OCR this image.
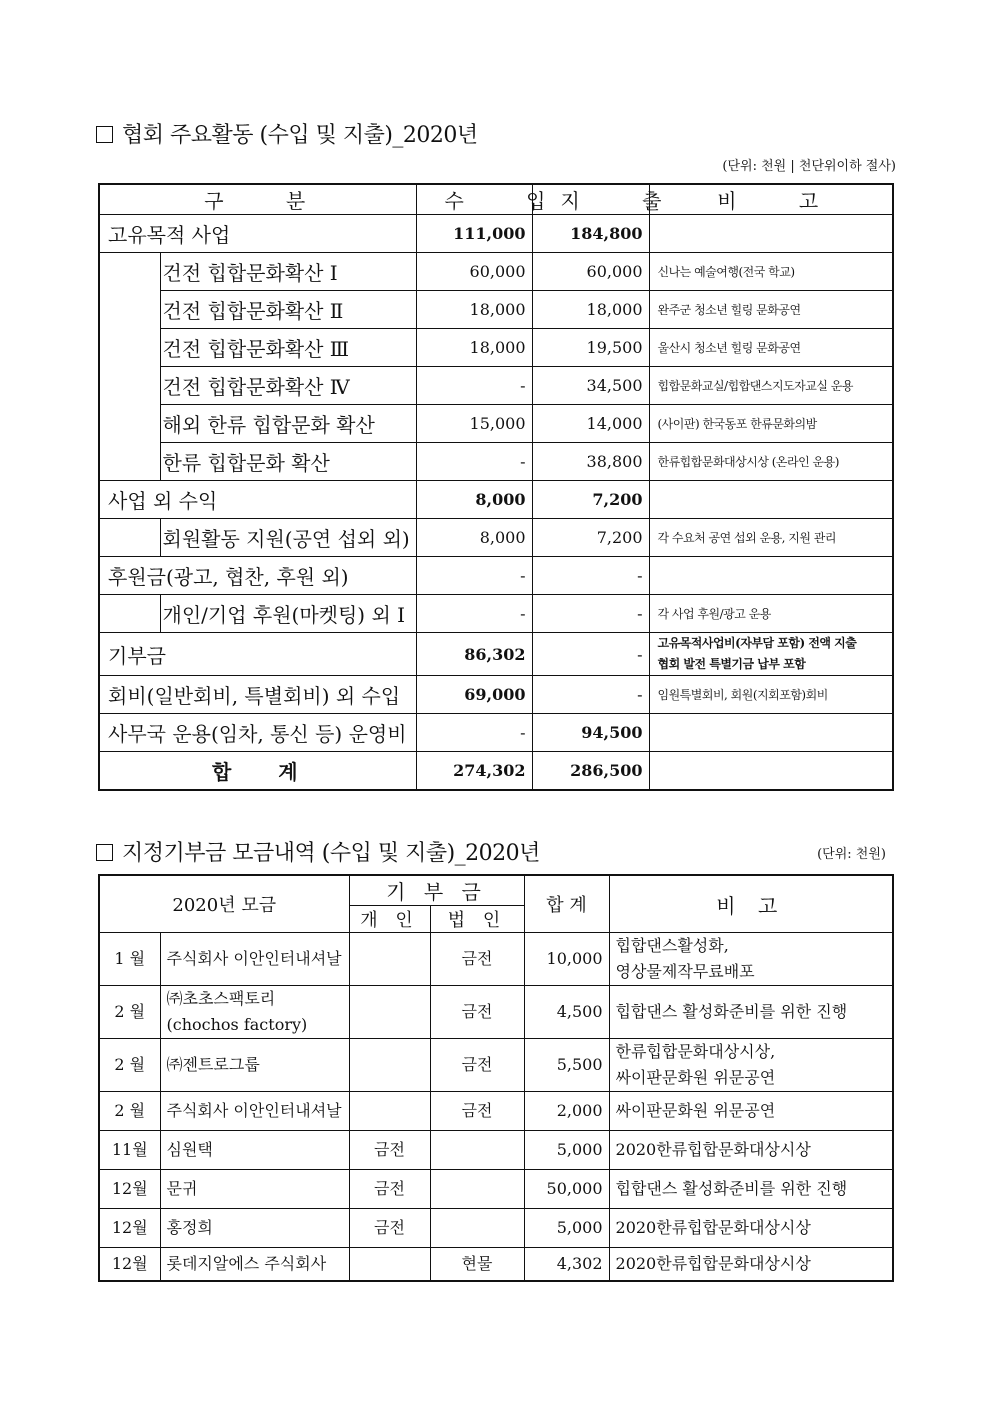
협회 주요활동 (수입 및 지출)_2020년
(단위: 천원 | 천단위이하 절사)
구 분		수 입	지 출	비 고
고유목적 사업		111,000	184,800	
	건전 힙합문화확산 Ⅰ	60,000	60,000	신나는 예술여행(전국 학교)
	건전 힙합문화확산 Ⅱ	18,000	18,000	완주군 청소년 힐링 문화공연
	건전 힙합문화확산 Ⅲ	18,000	19,500	울산시 청소년 힐링 문화공연
	건전 힙합문화확산 Ⅳ	-	34,500	힙합문화교실/힙합댄스지도자교실 운용
	해외 한류 힙합문화 확산	15,000	14,000	(사이판) 한국동포 한류문화의밤
	한류 힙합문화 확산	-	38,800	한류힙합문화대상시상 (온라인 운용)
사업 외 수익		8,000	7,200	
	회원활동 지원(공연 섭외 외)	8,000	7,200	각 수요처 공연 섭외 운용, 지원 관리
후원금(광고, 협찬, 후원 외)		-	-	
	개인/기업 후원(마켓팅) 외 Ⅰ	-	-	각 사업 후원/광고 운용
기부금		86,302	-	고유목적사업비(자부담 포함) 전액 지출
협회 발전 특별기금 납부 포함

회비(일반회비, 특별회비) 외 수입		69,000	-	임원특별회비, 회원(지회포함)회비
사무국 운용(임차, 통신 등) 운영비		-	94,500	
합 계		274,302	286,500	
지정기부금 모금내역 (수입 및 지출)_2020년	(단위: 천원)
2020년 모금		기 부 금		합 계	비 고
		개 인	법 인		
1 월	주식회사 이안인터내셔날		금전	10,000	힙합댄스활성화,
영상물제작무료배포

2 월	㈜초초스팩토리
(chochos factory)		금전	4,500	힙합댄스 활성화준비를 위한 진행

2 월	㈜젠트로그룹		금전	5,500	한류힙합문화대상시상,
싸이판문화원 위문공연

2 월	주식회사 이안인터내셔날		금전	2,000	싸이판문화원 위문공연

11월	심원택	금전		5,000	2020한류힙합문화대상시상

12월	문귀	금전		50,000	힙합댄스 활성화준비를 위한 진행

12월	홍정희	금전		5,000	2020한류힙합문화대상시상

12월	롯데지알에스 주식회사		현물	4,302	2020한류힙합문화대상시상
